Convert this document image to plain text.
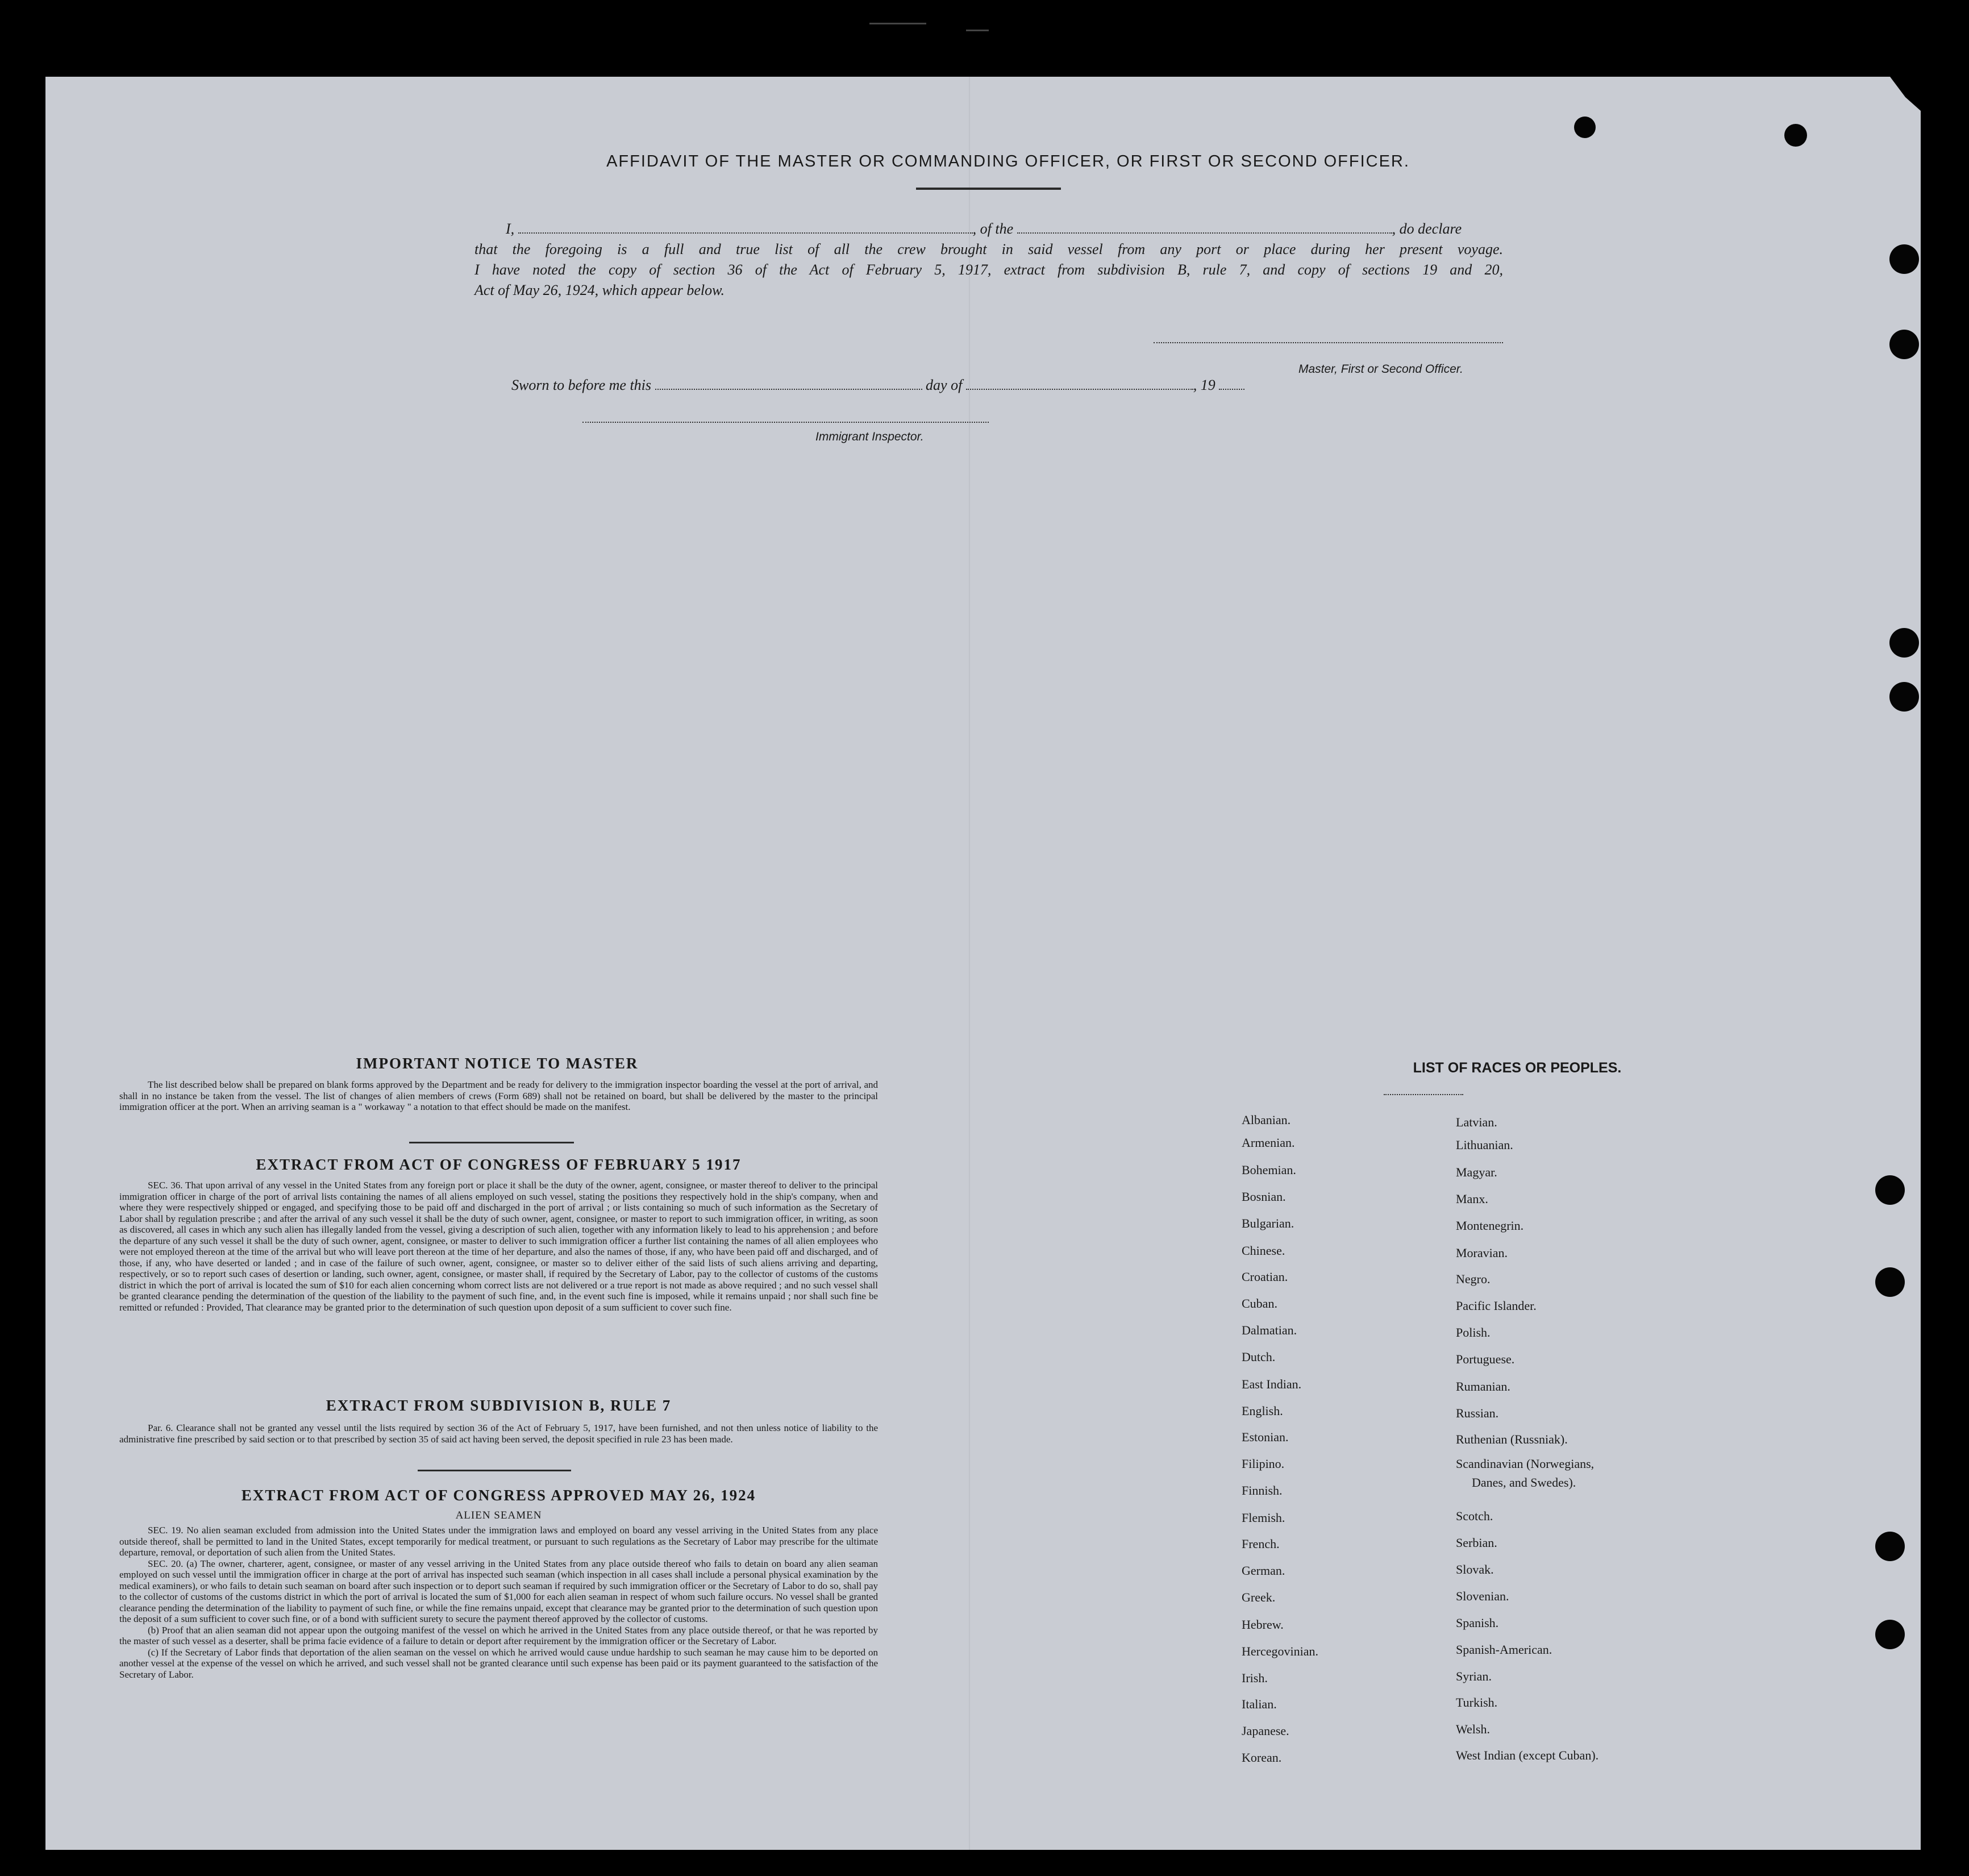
AFFIDAVIT OF THE MASTER OR COMMANDING OFFICER, OR FIRST OR SECOND OFFICER.

I,	, of the	, do declare

that the foregoing is a full and true list of all the crew brought in said vessel from any port or place during her present voyage.

I have noted the copy of section 36 of the Act of February 5, 1917, extract from subdivision B, rule 7, and copy of sections 19 and 20,

Act of May 26, 1924, which appear below.

Master, First or Second Officer.
Sworn to before me this	day of	, 19
Immigrant Inspector.
IMPORTANT NOTICE TO MASTER
The list described below shall be prepared on blank forms approved by the Department and be ready for delivery to the immigration inspector boarding the vessel at the port of arrival, and shall in no instance be taken from the vessel. The list of changes of alien members of crews (Form 689) shall not be retained on board, but shall be delivered by the master to the principal immigration officer at the port. When an arriving seaman is a " workaway " a notation to that effect should be made on the manifest.
EXTRACT FROM ACT OF CONGRESS OF FEBRUARY 5 1917
SEC. 36. That upon arrival of any vessel in the United States from any foreign port or place it shall be the duty of the owner, agent, consignee, or master thereof to deliver to the principal immigration officer in charge of the port of arrival lists containing the names of all aliens employed on such vessel, stating the positions they respectively hold in the ship's company, when and where they were respectively shipped or engaged, and specifying those to be paid off and discharged in the port of arrival ; or lists containing so much of such information as the Secretary of Labor shall by regulation prescribe ; and after the arrival of any such vessel it shall be the duty of such owner, agent, consignee, or master to report to such immigration officer, in writing, as soon as discovered, all cases in which any such alien has illegally landed from the vessel, giving a description of such alien, together with any information likely to lead to his apprehension ; and before the departure of any such vessel it shall be the duty of such owner, agent, consignee, or master to deliver to such immigration officer a further list containing the names of all alien employees who were not employed thereon at the time of the arrival but who will leave port thereon at the time of her departure, and also the names of those, if any, who have been paid off and discharged, and of those, if any, who have deserted or landed ; and in case of the failure of such owner, agent, consignee, or master so to deliver either of the said lists of such aliens arriving and departing, respectively, or so to report such cases of desertion or landing, such owner, agent, consignee, or master shall, if required by the Secretary of Labor, pay to the collector of customs of the customs district in which the port of arrival is located the sum of $10 for each alien concerning whom correct lists are not delivered or a true report is not made as above required ; and no such vessel shall be granted clearance pending the determination of the question of the liability to the payment of such fine, and, in the event such fine is imposed, while it remains unpaid ; nor shall such fine be remitted or refunded : Provided, That clearance may be granted prior to the determination of such question upon deposit of a sum sufficient to cover such fine.
EXTRACT FROM SUBDIVISION B, RULE 7
Par. 6. Clearance shall not be granted any vessel until the lists required by section 36 of the Act of February 5, 1917, have been furnished, and not then unless notice of liability to the administrative fine prescribed by said section or to that prescribed by section 35 of said act having been served, the deposit specified in rule 23 has been made.
EXTRACT FROM ACT OF CONGRESS APPROVED MAY 26, 1924
ALIEN SEAMEN

SEC. 19. No alien seaman excluded from admission into the United States under the immigration laws and employed on board any vessel arriving in the United States from any place outside thereof, shall be permitted to land in the United States, except temporarily for medical treatment, or pursuant to such regulations as the Secretary of Labor may prescribe for the ultimate departure, removal, or deportation of such alien from the United States.

SEC. 20. (a) The owner, charterer, agent, consignee, or master of any vessel arriving in the United States from any place outside thereof who fails to detain on board any alien seaman employed on such vessel until the immigration officer in charge at the port of arrival has inspected such seaman (which inspection in all cases shall include a personal physical examination by the medical examiners), or who fails to detain such seaman on board after such inspection or to deport such seaman if required by such immigration officer or the Secretary of Labor to do so, shall pay to the collector of customs of the customs district in which the port of arrival is located the sum of $1,000 for each alien seaman in respect of whom such failure occurs. No vessel shall be granted clearance pending the determination of the liability to payment of such fine, or while the fine remains unpaid, except that clearance may be granted prior to the determination of such question upon the deposit of a sum sufficient to cover such fine, or of a bond with sufficient surety to secure the payment thereof approved by the collector of customs.

(b) Proof that an alien seaman did not appear upon the outgoing manifest of the vessel on which he arrived in the United States from any place outside thereof, or that he was reported by the master of such vessel as a deserter, shall be prima facie evidence of a failure to detain or deport after requirement by the immigration officer or the Secretary of Labor.

(c) If the Secretary of Labor finds that deportation of the alien seaman on the vessel on which he arrived would cause undue hardship to such seaman he may cause him to be deported on another vessel at the expense of the vessel on which he arrived, and such vessel shall not be granted clearance until such expense has been paid or its payment guaranteed to the satisfaction of the Secretary of Labor.

LIST OF RACES OR PEOPLES.
Albanian.
Armenian.
Bohemian.
Bosnian.
Bulgarian.
Chinese.
Croatian.
Cuban.
Dalmatian.
Dutch.
East Indian.
English.
Estonian.
Filipino.
Finnish.
Flemish.
French.
German.
Greek.
Hebrew.
Hercegovinian.
Irish.
Italian.
Japanese.
Korean.
Latvian.
Lithuanian.
Magyar.
Manx.
Montenegrin.
Moravian.
Negro.
Pacific Islander.
Polish.
Portuguese.
Rumanian.
Russian.
Ruthenian (Russniak).
Scandinavian (Norwegians,
Danes, and Swedes).
Scotch.
Serbian.
Slovak.
Slovenian.
Spanish.
Spanish-American.
Syrian.
Turkish.
Welsh.
West Indian (except Cuban).
